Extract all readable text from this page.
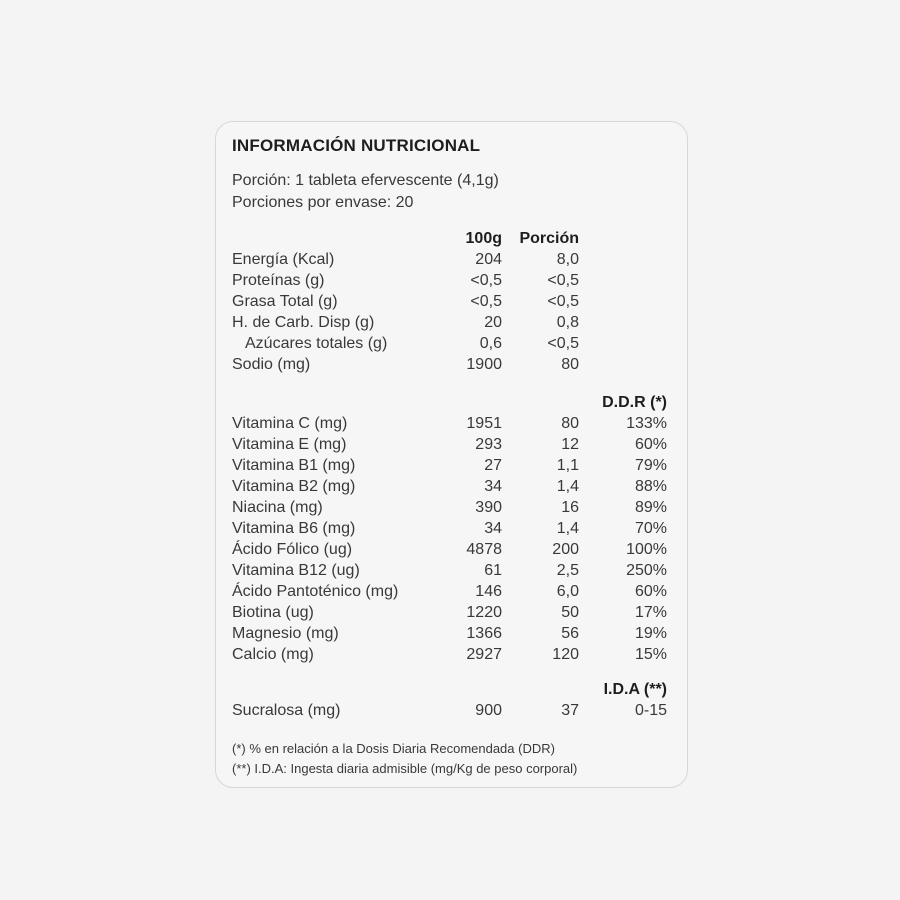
INFORMACIÓN NUTRICIONAL

Porción: 1 tableta efervescente (4,1g)

Porciones por envase: 20

100g	Porción
Energía (Kcal)	204	8,0
Proteínas (g)	<0,5	<0,5
Grasa Total (g)	<0,5	<0,5
H. de Carb. Disp (g)	20	0,8
Azúcares totales (g)	0,6	<0,5
Sodio (mg)	1900	80
D.D.R (*)
Vitamina C (mg)	1951	80	133%
Vitamina E (mg)	293	12	60%
Vitamina B1 (mg)	27	1,1	79%
Vitamina B2 (mg)	34	1,4	88%
Niacina (mg)	390	16	89%
Vitamina B6 (mg)	34	1,4	70%
Ácido Fólico (ug)	4878	200	100%
Vitamina B12 (ug)	61	2,5	250%
Ácido Pantoténico (mg)	146	6,0	60%
Biotina (ug)	1220	50	17%
Magnesio (mg)	1366	56	19%
Calcio (mg)	2927	120	15%
I.D.A (**)
Sucralosa (mg)	900	37	0-15

(*) % en relación a la Dosis Diaria Recomendada (DDR)

(**) I.D.A: Ingesta diaria admisible (mg/Kg de peso corporal)
